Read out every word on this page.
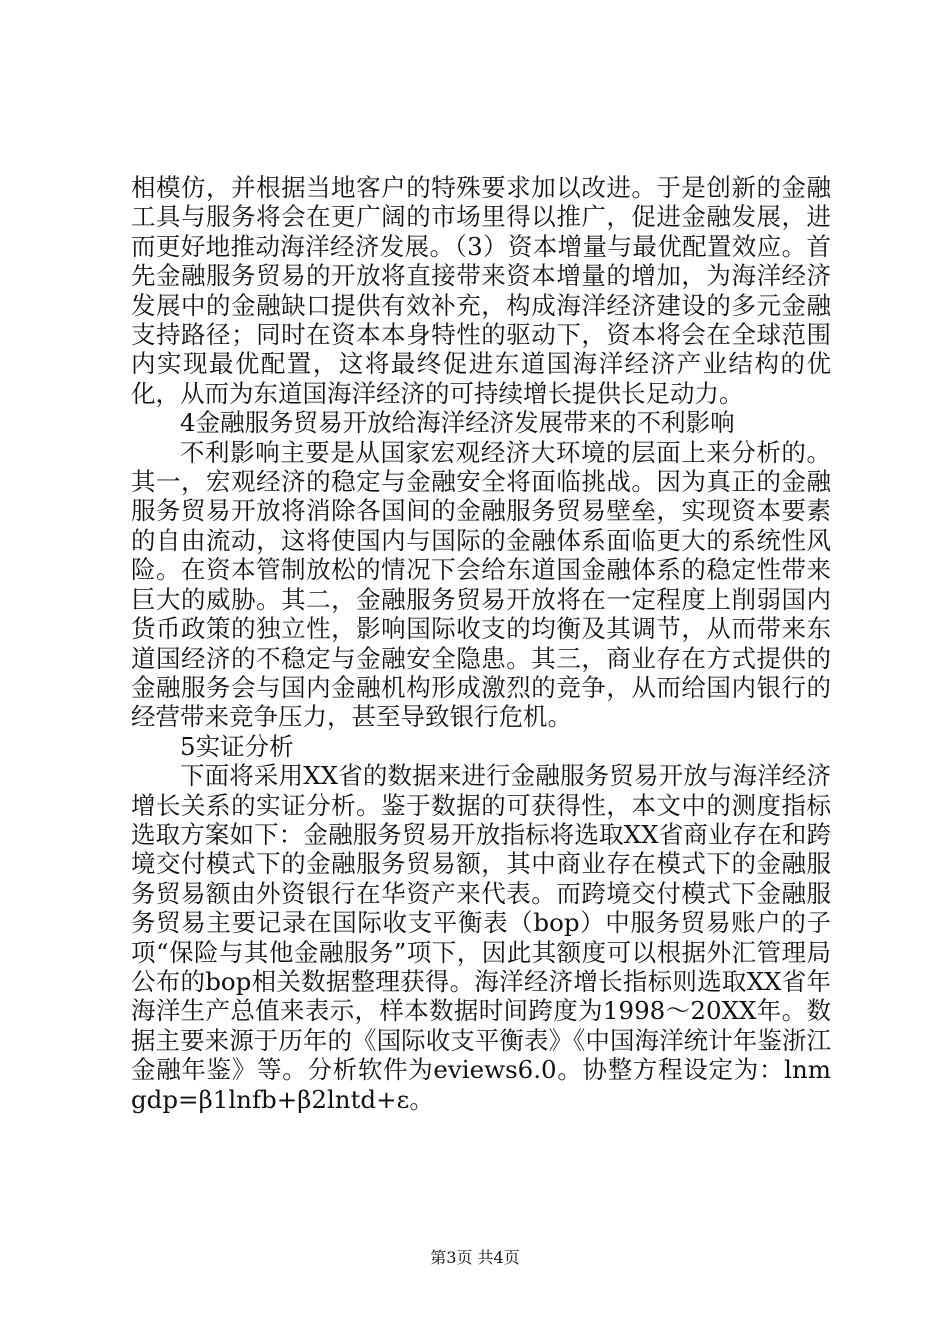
相模仿，并根据当地客户的特殊要求加以改进。于是创新的金融工具与服务将会在更广阔的市场里得以推广，促进金融发展，进而更好地推动海洋经济发展。（3）资本增量与最优配置效应。首先金融服务贸易的开放将直接带来资本增量的增加，为海洋经济发展中的金融缺口提供有效补充，构成海洋经济建设的多元金融支持路径；同时在资本本身特性的驱动下，资本将会在全球范围内实现最优配置，这将最终促进东道国海洋经济产业结构的优化，从而为东道国海洋经济的可持续增长提供长足动力。

4金融服务贸易开放给海洋经济发展带来的不利影响

不利影响主要是从国家宏观经济大环境的层面上来分析的。其一，宏观经济的稳定与金融安全将面临挑战。因为真正的金融服务贸易开放将消除各国间的金融服务贸易壁垒，实现资本要素的自由流动，这将使国内与国际的金融体系面临更大的系统性风险。在资本管制放松的情况下会给东道国金融体系的稳定性带来巨大的威胁。其二，金融服务贸易开放将在一定程度上削弱国内货币政策的独立性，影响国际收支的均衡及其调节，从而带来东道国经济的不稳定与金融安全隐患。其三，商业存在方式提供的金融服务会与国内金融机构形成激烈的竞争，从而给国内银行的经营带来竞争压力，甚至导致银行危机。

5实证分析

下面将采用XX省的数据来进行金融服务贸易开放与海洋经济增长关系的实证分析。鉴于数据的可获得性，本文中的测度指标选取方案如下：金融服务贸易开放指标将选取XX省商业存在和跨境交付模式下的金融服务贸易额，其中商业存在模式下的金融服务贸易额由外资银行在华资产来代表。而跨境交付模式下金融服务贸易主要记录在国际收支平衡表（bop）中服务贸易账户的子项“保险与其他金融服务”项下，因此其额度可以根据外汇管理局公布的bop相关数据整理获得。海洋经济增长指标则选取XX省年海洋生产总值来表示，样本数据时间跨度为1998～20XX年。数据主要来源于历年的《国际收支平衡表》《中国海洋统计年鉴浙江金融年鉴》等。分析软件为eviews6.0。协整方程设定为：lnmgdp=β1lnfb+β2lntd+ε。

第3页 共4页
